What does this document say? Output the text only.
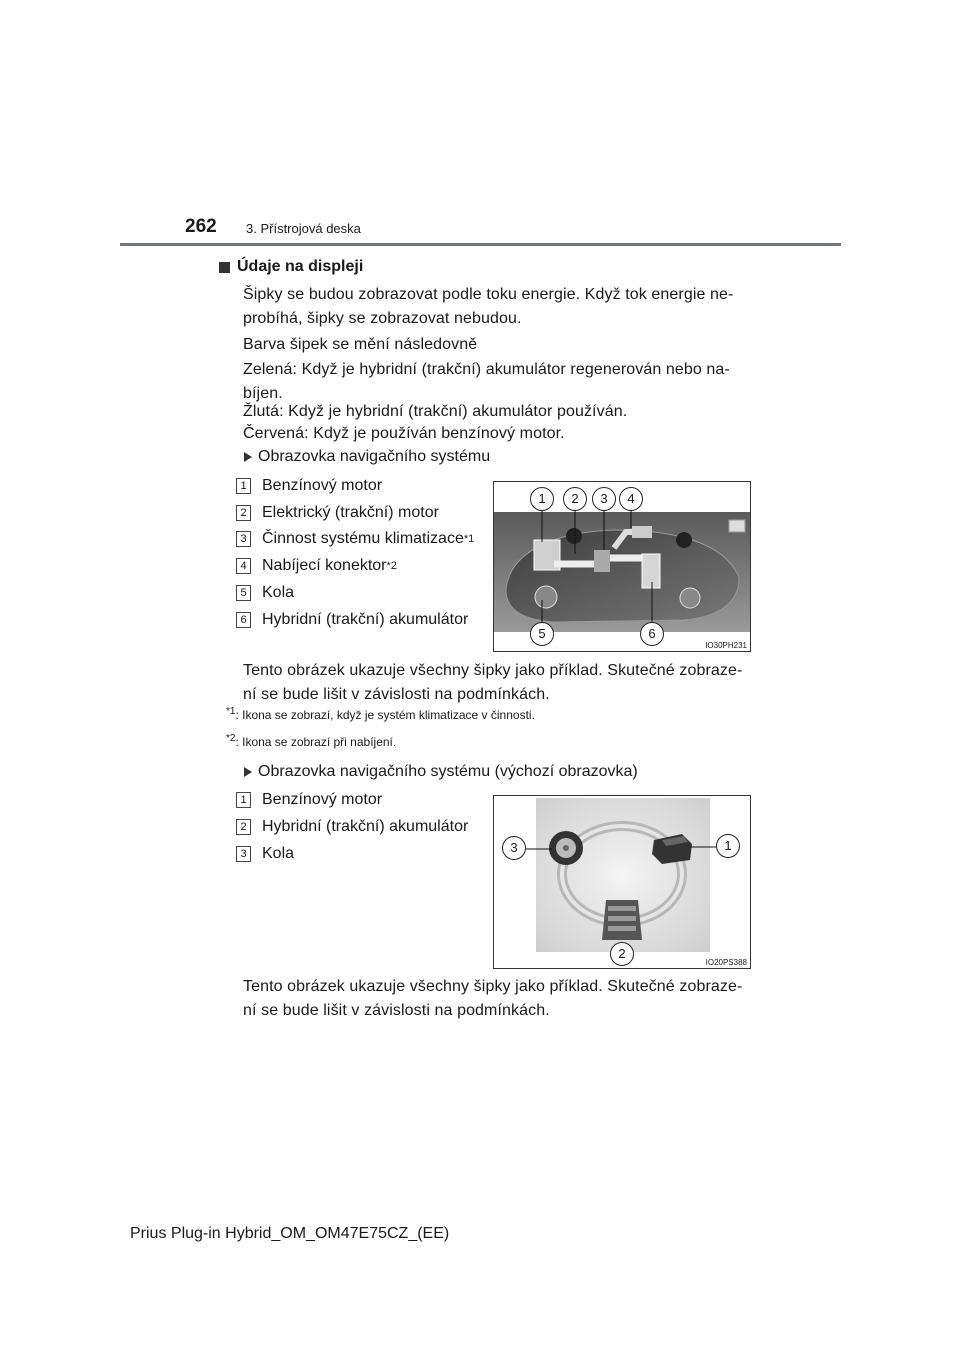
262 3. Přístrojová deska
Údaje na displeji
Šipky se budou zobrazovat podle toku energie. Když tok energie ne-probíhá, šipky se zobrazovat nebudou.
Barva šipek se mění následovně
Zelená: Když je hybridní (trakční) akumulátor regenerován nebo na-bíjen.
Žlutá: Když je hybridní (trakční) akumulátor používán.
Červená: Když je používán benzínový motor.
Obrazovka navigačního systému
1 Benzínový motor
2 Elektrický (trakční) motor
3 Činnost systému klimatizace *1
4 Nabíjecí konektor *2
5 Kola
6 Hybridní (trakční) akumulátor
1	2	3	4
5	6
IO30PH231
Tento obrázek ukazuje všechny šipky jako příklad. Skutečné zobraze-ní se bude lišit v závislosti na podmínkách.
$^{*1}$: Ikona se zobrazí, když je systém klimatizace v činnosti.
$^{*2}$: Ikona se zobrazí při nabíjení.
Obrazovka navigačního systému (výchozí obrazovka)
1 Benzínový motor
2 Hybridní (trakční) akumulátor
3 Kola	3	1
2
IO20PS388
Tento obrázek ukazuje všechny šipky jako příklad. Skutečné zobraze-ní se bude lišit v závislosti na podmínkách.
Prius Plug-in Hybrid_OM_OM47E75CZ_(EE)
